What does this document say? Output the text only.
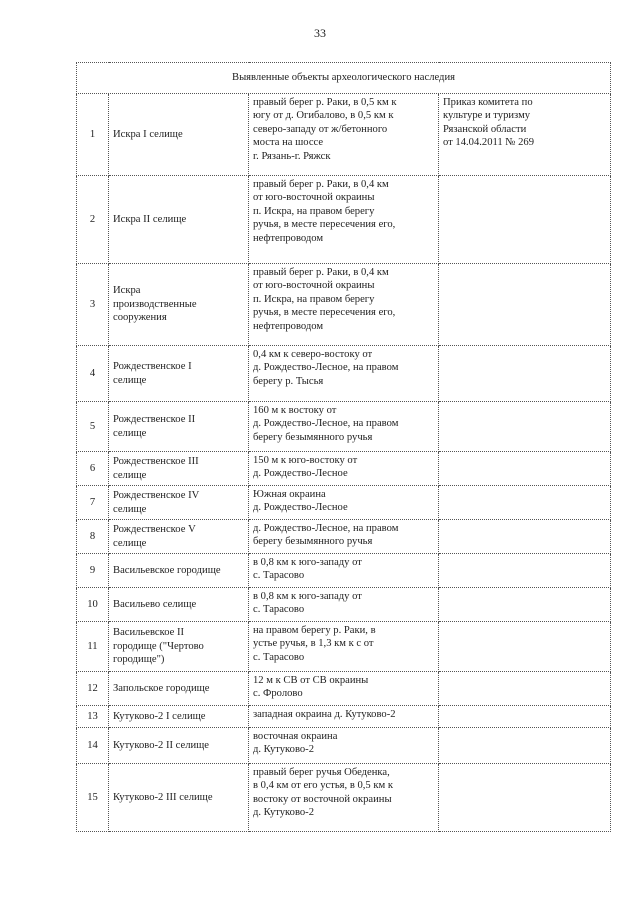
33
Выявленные объекты археологического наследия			
1	Искра I селище	правый берег р. Раки, в 0,5 км к
югу от д. Огибалово, в 0,5 км к
северо-западу от ж/бетонного
моста на шоссе
г. Рязань-г. Ряжск	Приказ комитета по
культуре и туризму
Рязанской области
от 14.04.2011 № 269
2	Искра II селище	правый берег р. Раки, в 0,4 км
от юго-восточной окраины
п. Искра, на правом берегу
ручья, в месте пересечения его,
нефтепроводом	
3	Искра
производственные
сооружения	правый берег р. Раки, в 0,4 км
от юго-восточной окраины
п. Искра, на правом берегу
ручья, в месте пересечения его,
нефтепроводом	
4	Рождественское I
селище	0,4 км к северо-востоку от
д. Рождество-Лесное, на правом
берегу р. Тысья	
5	Рождественское II
селище	160 м к востоку от
д. Рождество-Лесное, на правом
берегу безымянного ручья	
6	Рождественское III
селище	150 м к юго-востоку от
д. Рождество-Лесное	
7	Рождественское IV
селище	Южная окраина
д. Рождество-Лесное	
8	Рождественское V
селище	д. Рождество-Лесное, на правом
берегу безымянного ручья	
9	Васильевское городище	в 0,8 км к юго-западу от
с. Тарасово	
10	Васильево селище	в 0,8 км к юго-западу от
с. Тарасово	
11	Васильевское II
городище ("Чертово
городище")	на правом берегу р. Раки, в
устье ручья, в 1,3 км к с от
с. Тарасово	
12	Запольское городище	12 м к СВ от СВ окраины
с. Фролово	
13	Кутуково-2 I селище	западная окраина д. Кутуково-2	
14	Кутуково-2 II селище	восточная окраина
д. Кутуково-2	
15	Кутуково-2 III селище	правый берег ручья Обеденка,
в 0,4 км от его устья, в 0,5 км к
востоку от восточной окраины
д. Кутуково-2	
